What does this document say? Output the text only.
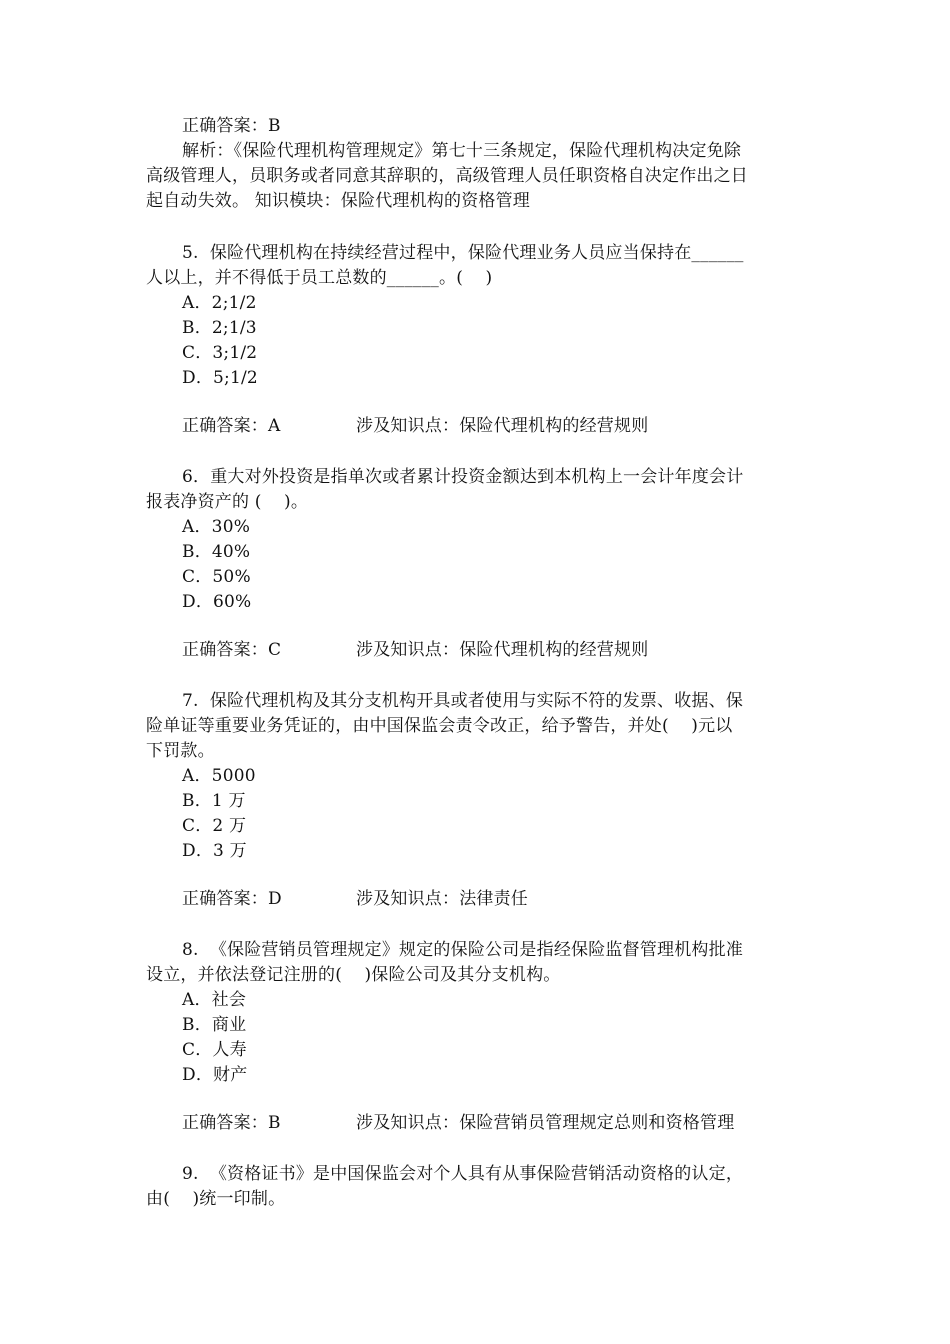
正确答案：B
解析：《保险代理机构管理规定》第七十三条规定，保险代理机构决定免除
高级管理人，员职务或者同意其辞职的，高级管理人员任职资格自决定作出之日
起自动失效。 知识模块：保险代理机构的资格管理
5.  保险代理机构在持续经营过程中，保险代理业务人员应当保持在______
人以上，并不得低于员工总数的______。(    )
A．2;1/2
B．2;1/3
C．3;1/2
D．5;1/2
正确答案：A	涉及知识点：保险代理机构的经营规则
6．重大对外投资是指单次或者累计投资金额达到本机构上一会计年度会计
报表净资产的 (    )。
A．30%
B．40%
C．50%
D．60%
正确答案：C	涉及知识点：保险代理机构的经营规则
7.  保险代理机构及其分支机构开具或者使用与实际不符的发票、收据、保
险单证等重要业务凭证的，由中国保监会责令改正，给予警告，并处(    )元以
下罚款。
A．5000
B．1 万
C．2 万
D．3 万
正确答案：D	涉及知识点：法律责任
8.  《保险营销员管理规定》规定的保险公司是指经保险监督管理机构批准
设立，并依法登记注册的(    )保险公司及其分支机构。
A．社会
B．商业
C．人寿
D．财产
正确答案：B	涉及知识点：保险营销员管理规定总则和资格管理
9.  《资格证书》是中国保监会对个人具有从事保险营销活动资格的认定，
由(    )统一印制。
